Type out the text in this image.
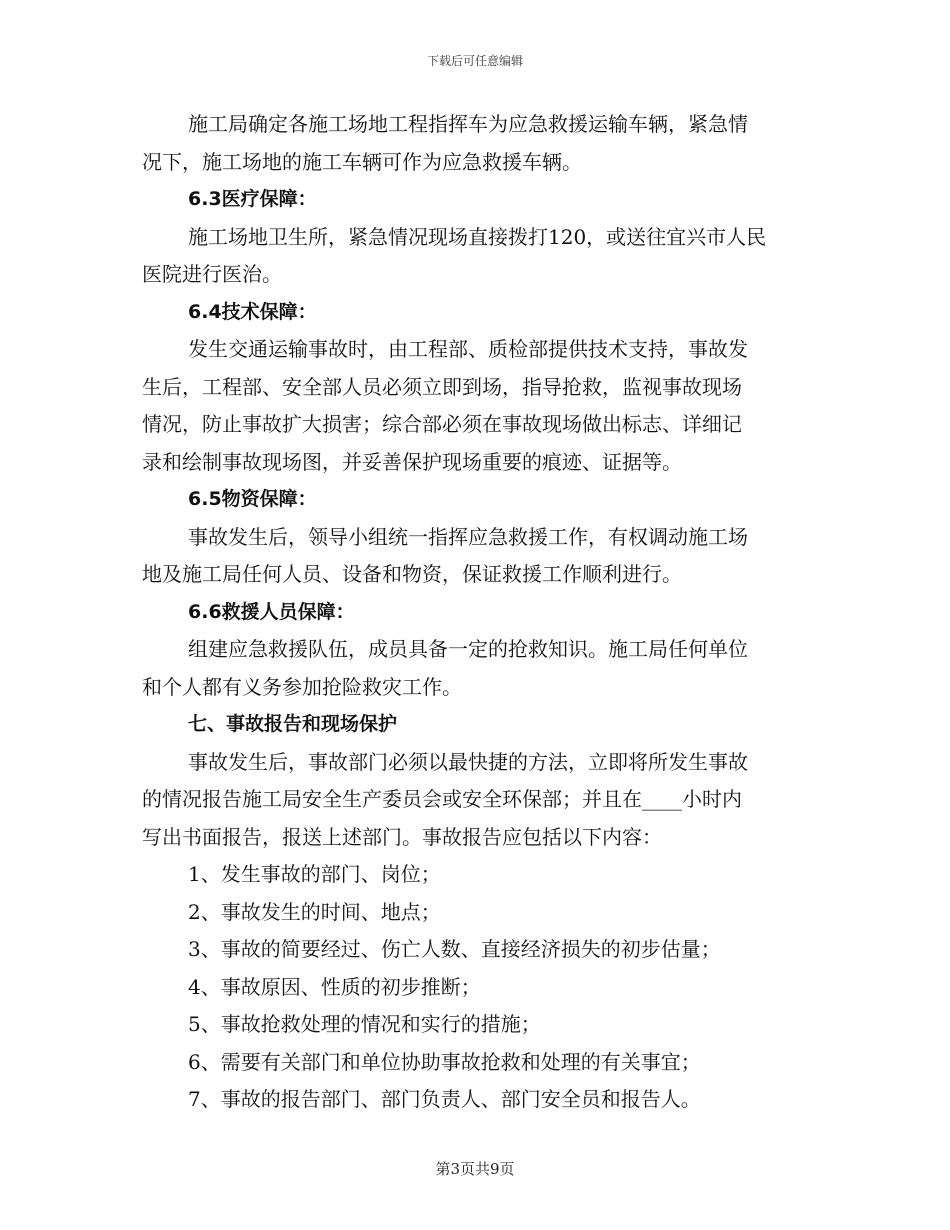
下载后可任意编辑

施工局确定各施工场地工程指挥车为应急救援运输车辆，紧急情

况下，施工场地的施工车辆可作为应急救援车辆。

6.3医疗保障：

施工场地卫生所，紧急情况现场直接拨打120，或送往宜兴市人民

医院进行医治。

6.4技术保障：

发生交通运输事故时，由工程部、质检部提供技术支持，事故发

生后，工程部、安全部人员必须立即到场，指导抢救，监视事故现场

情况，防止事故扩大损害；综合部必须在事故现场做出标志、详细记

录和绘制事故现场图，并妥善保护现场重要的痕迹、证据等。

6.5物资保障：

事故发生后，领导小组统一指挥应急救援工作，有权调动施工场

地及施工局任何人员、设备和物资，保证救援工作顺利进行。

6.6救援人员保障：

组建应急救援队伍，成员具备一定的抢救知识。施工局任何单位

和个人都有义务参加抢险救灾工作。

七、事故报告和现场保护

事故发生后，事故部门必须以最快捷的方法，立即将所发生事故

的情况报告施工局安全生产委员会或安全环保部；并且在____小时内

写出书面报告，报送上述部门。事故报告应包括以下内容：

1、发生事故的部门、岗位；

2、事故发生的时间、地点；

3、事故的简要经过、伤亡人数、直接经济损失的初步估量；

4、事故原因、性质的初步推断；

5、事故抢救处理的情况和实行的措施；

6、需要有关部门和单位协助事故抢救和处理的有关事宜；

7、事故的报告部门、部门负责人、部门安全员和报告人。

第3页共9页
